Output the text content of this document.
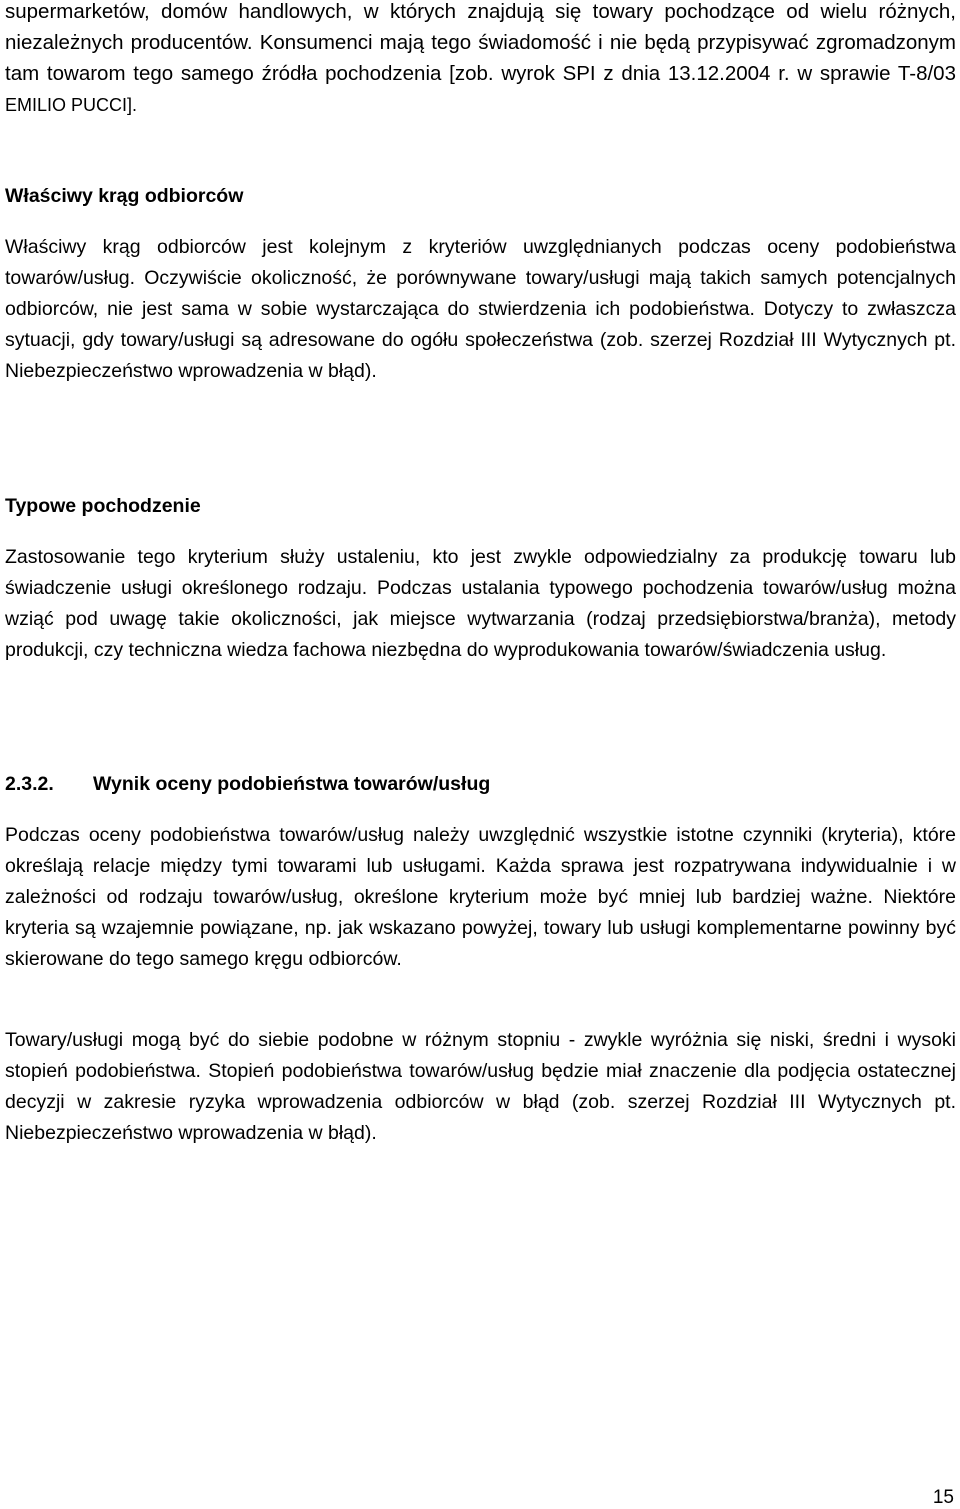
supermarketów, domów handlowych, w których znajdują się towary pochodzące od wielu różnych, niezależnych producentów. Konsumenci mają tego świadomość i nie będą przypisywać zgromadzonym tam towarom tego samego źródła pochodzenia [zob. wyrok SPI z dnia 13.12.2004 r. w sprawie T-8/03 EMILIO PUCCI].

Właściwy krąg odbiorców

Właściwy krąg odbiorców jest kolejnym z kryteriów uwzględnianych podczas oceny podobieństwa towarów/usług. Oczywiście okoliczność, że porównywane towary/usługi mają takich samych potencjalnych odbiorców, nie jest sama w sobie wystarczająca do stwierdzenia ich podobieństwa. Dotyczy to zwłaszcza sytuacji, gdy towary/usługi są adresowane do ogółu społeczeństwa (zob. szerzej Rozdział III Wytycznych pt. Niebezpieczeństwo wprowadzenia w błąd).

Typowe pochodzenie

Zastosowanie tego kryterium służy ustaleniu, kto jest zwykle odpowiedzialny za produkcję towaru lub świadczenie usługi określonego rodzaju. Podczas ustalania typowego pochodzenia towarów/usług można wziąć pod uwagę takie okoliczności, jak miejsce wytwarzania (rodzaj przedsiębiorstwa/branża), metody produkcji, czy techniczna wiedza fachowa niezbędna do wyprodukowania towarów/świadczenia usług.

2.3.2. Wynik oceny podobieństwa towarów/usług

Podczas oceny podobieństwa towarów/usług należy uwzględnić wszystkie istotne czynniki (kryteria), które określają relacje między tymi towarami lub usługami. Każda sprawa jest rozpatrywana indywidualnie i w zależności od rodzaju towarów/usług, określone kryterium może być mniej lub bardziej ważne. Niektóre kryteria są wzajemnie powiązane, np. jak wskazano powyżej, towary lub usługi komplementarne powinny być skierowane do tego samego kręgu odbiorców.

Towary/usługi mogą być do siebie podobne w różnym stopniu - zwykle wyróżnia się niski, średni i wysoki stopień podobieństwa. Stopień podobieństwa towarów/usług będzie miał znaczenie dla podjęcia ostatecznej decyzji w zakresie ryzyka wprowadzenia odbiorców w błąd (zob. szerzej Rozdział III Wytycznych pt. Niebezpieczeństwo wprowadzenia w błąd).

15
